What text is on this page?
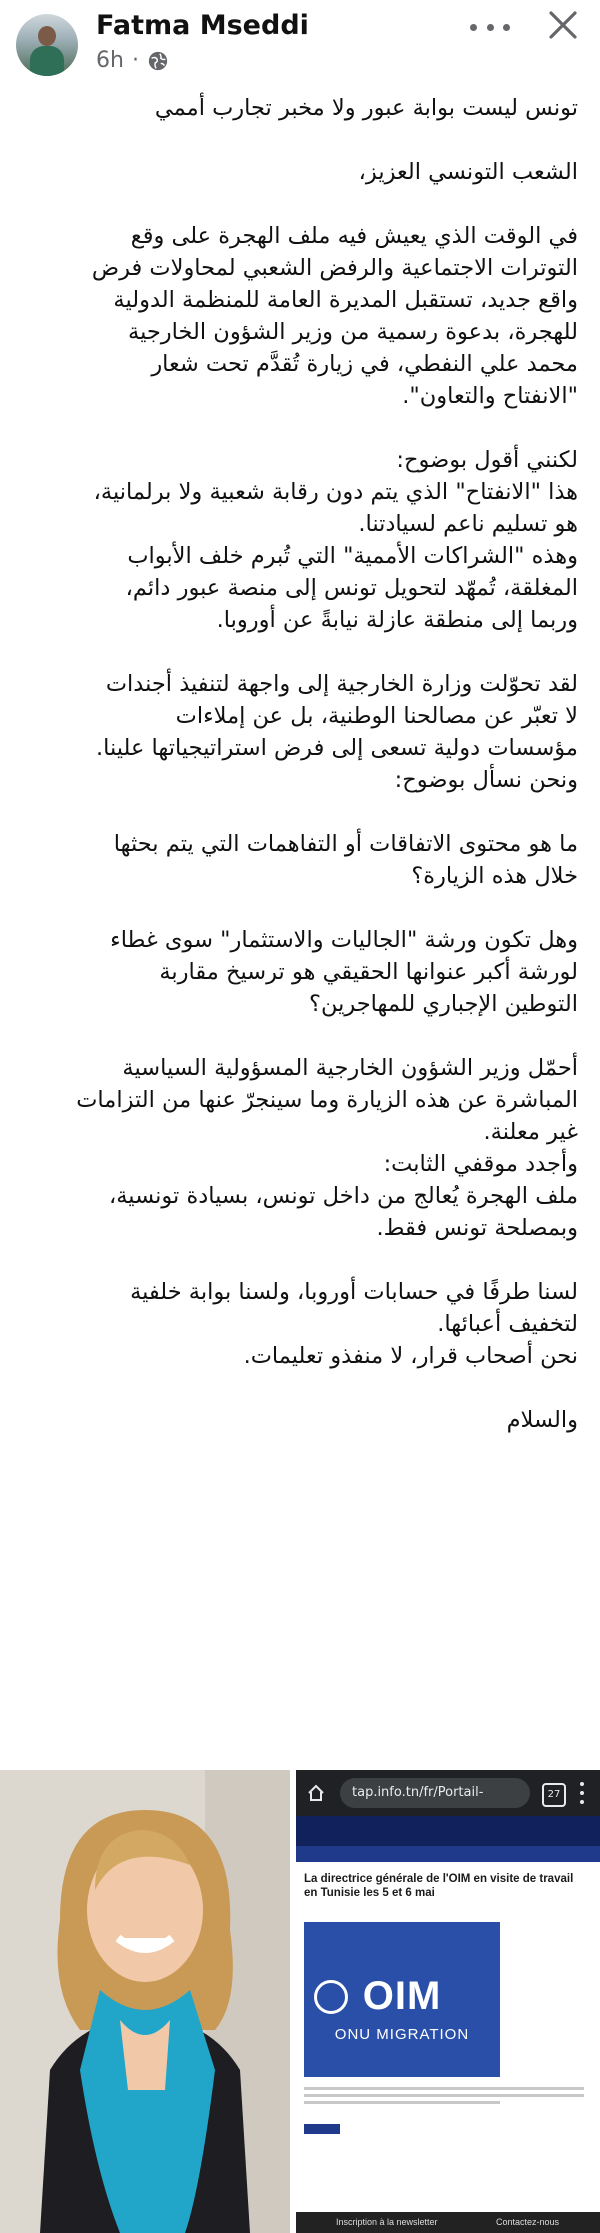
Fatma Mseddi
6h ·

تونس ليست بوابة عبور ولا مخبر تجارب أممي

الشعب التونسي العزيز،

في الوقت الذي يعيش فيه ملف الهجرة على وقع
التوترات الاجتماعية والرفض الشعبي لمحاولات فرض
واقع جديد، تستقبل المديرة العامة للمنظمة الدولية
للهجرة، بدعوة رسمية من وزير الشؤون الخارجية
محمد علي النفطي، في زيارة تُقدَّم تحت شعار
"الانفتاح والتعاون".

لكنني أقول بوضوح:
هذا "الانفتاح" الذي يتم دون رقابة شعبية ولا برلمانية،
هو تسليم ناعم لسيادتنا.
وهذه "الشراكات الأممية" التي تُبرم خلف الأبواب
المغلقة، تُمهّد لتحويل تونس إلى منصة عبور دائم،
وربما إلى منطقة عازلة نيابةً عن أوروبا.

لقد تحوّلت وزارة الخارجية إلى واجهة لتنفيذ أجندات
لا تعبّر عن مصالحنا الوطنية، بل عن إملاءات
مؤسسات دولية تسعى إلى فرض استراتيجياتها علينا.
ونحن نسأل بوضوح:

ما هو محتوى الاتفاقات أو التفاهمات التي يتم بحثها
خلال هذه الزيارة؟

وهل تكون ورشة "الجاليات والاستثمار" سوى غطاء
لورشة أكبر عنوانها الحقيقي هو ترسيخ مقاربة
التوطين الإجباري للمهاجرين؟

أحمّل وزير الشؤون الخارجية المسؤولية السياسية
المباشرة عن هذه الزيارة وما سينجرّ عنها من التزامات
غير معلنة.
وأجدد موقفي الثابت:
ملف الهجرة يُعالج من داخل تونس، بسيادة تونسية،
وبمصلحة تونس فقط.

لسنا طرفًا في حسابات أوروبا، ولسنا بوابة خلفية
لتخفيف أعبائها.
نحن أصحاب قرار، لا منفذو تعليمات.

والسلام

tap.info.tn/fr/Portail-	27
La directrice générale de l'OIM en visite de travail en Tunisie les 5 et 6 mai
OIM
ONU MIGRATION
Inscription à la newsletter	Contactez-nous
